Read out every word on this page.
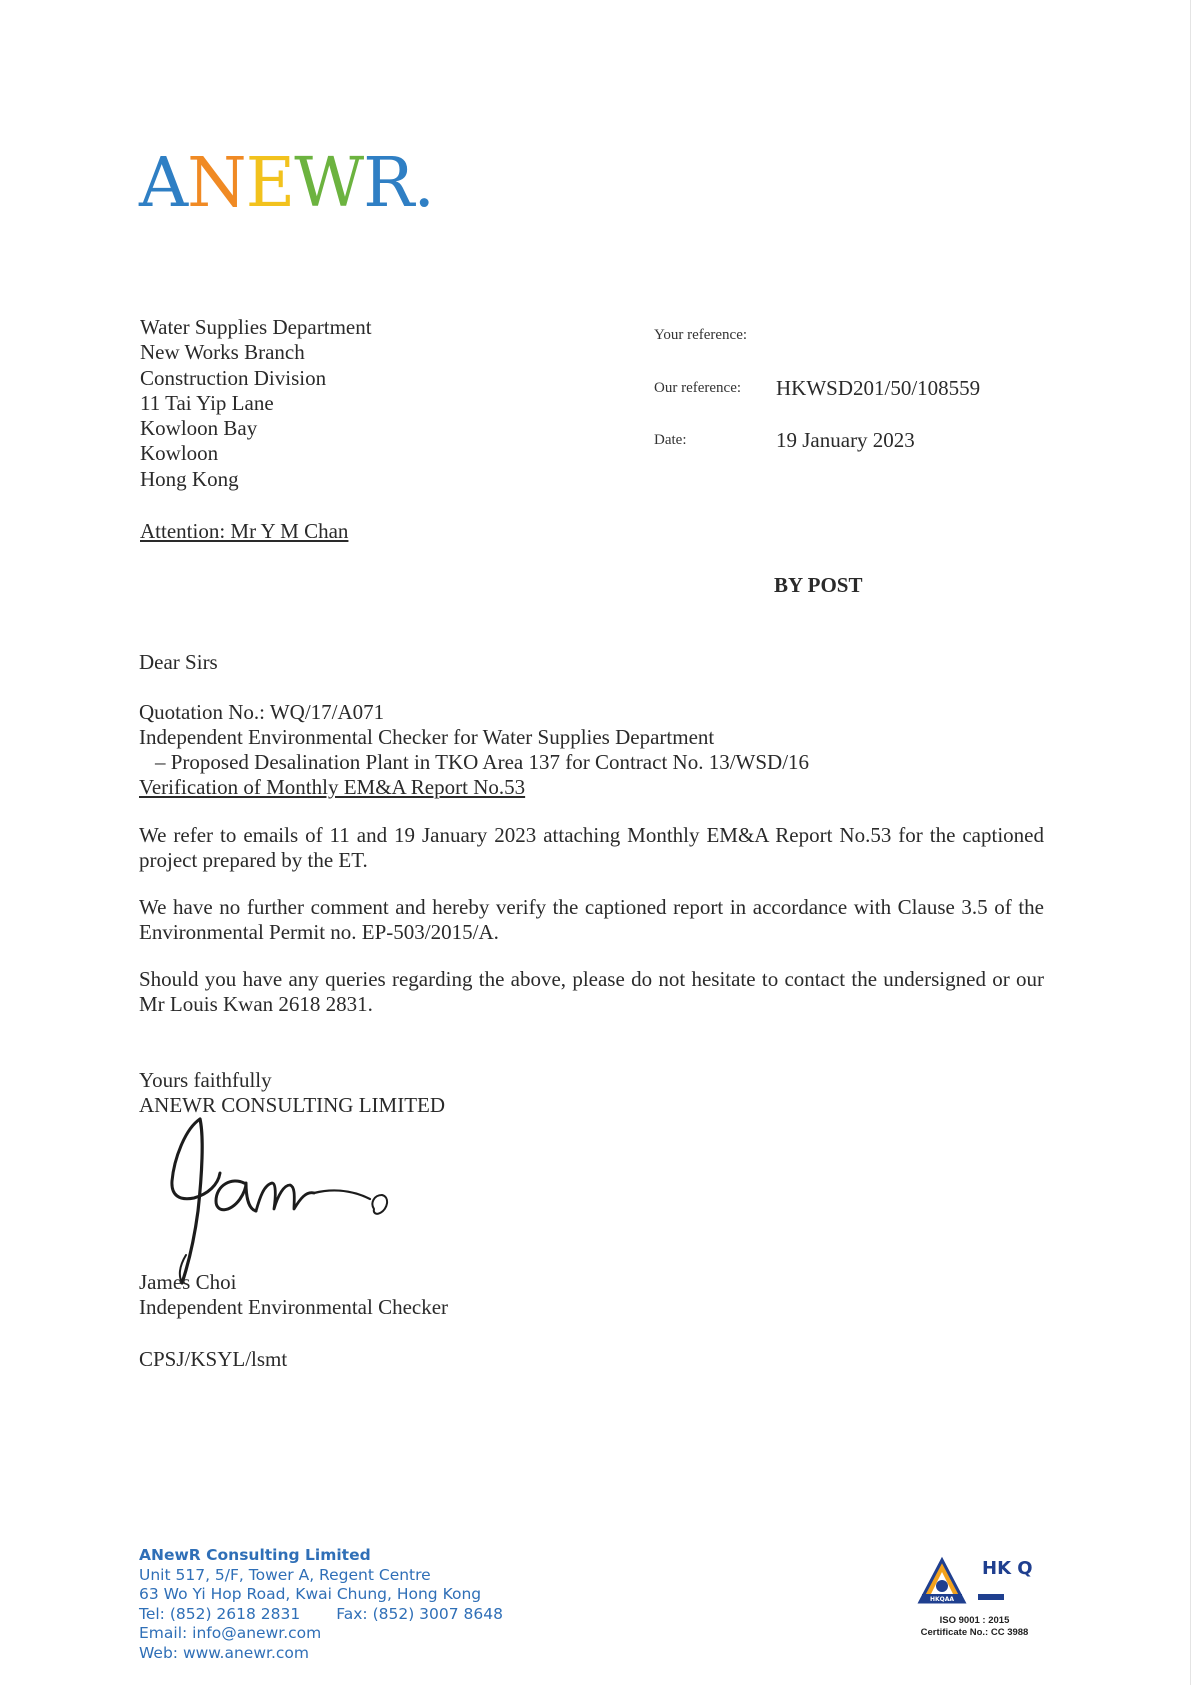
ANEWR.
Water Supplies Department
New Works Branch
Construction Division
11 Tai Yip Lane
Kowloon Bay
Kowloon
Hong Kong
Attention: Mr Y M Chan
Your reference:
Our reference: HKWSD201/50/108559
Date:	19 January 2023
BY POST
Dear Sirs
Quotation No.: WQ/17/A071
Independent Environmental Checker for Water Supplies Department
– Proposed Desalination Plant in TKO Area 137 for Contract No. 13/WSD/16
Verification of Monthly EM&A Report No.53
We refer to emails of 11 and 19 January 2023 attaching Monthly EM&A Report No.53 for the captioned project prepared by the ET.
We have no further comment and hereby verify the captioned report in accordance with Clause 3.5 of the Environmental Permit no. EP-503/2015/A.
Should you have any queries regarding the above, please do not hesitate to contact the undersigned or our Mr Louis Kwan 2618 2831.
Yours faithfully
ANEWR CONSULTING LIMITED
James Choi
Independent Environmental Checker
CPSJ/KSYL/lsmt
ANewR Consulting Limited
Unit 517, 5/F, Tower A, Regent Centre
63 Wo Yi Hop Road, Kwai Chung, Hong Kong
Tel: (852) 2618 2831 Fax: (852) 3007 8648
Email: info@anewr.com
Web: www.anewr.com
HKQAA
HK Q
ISO 9001 : 2015
Certificate No.: CC 3988
